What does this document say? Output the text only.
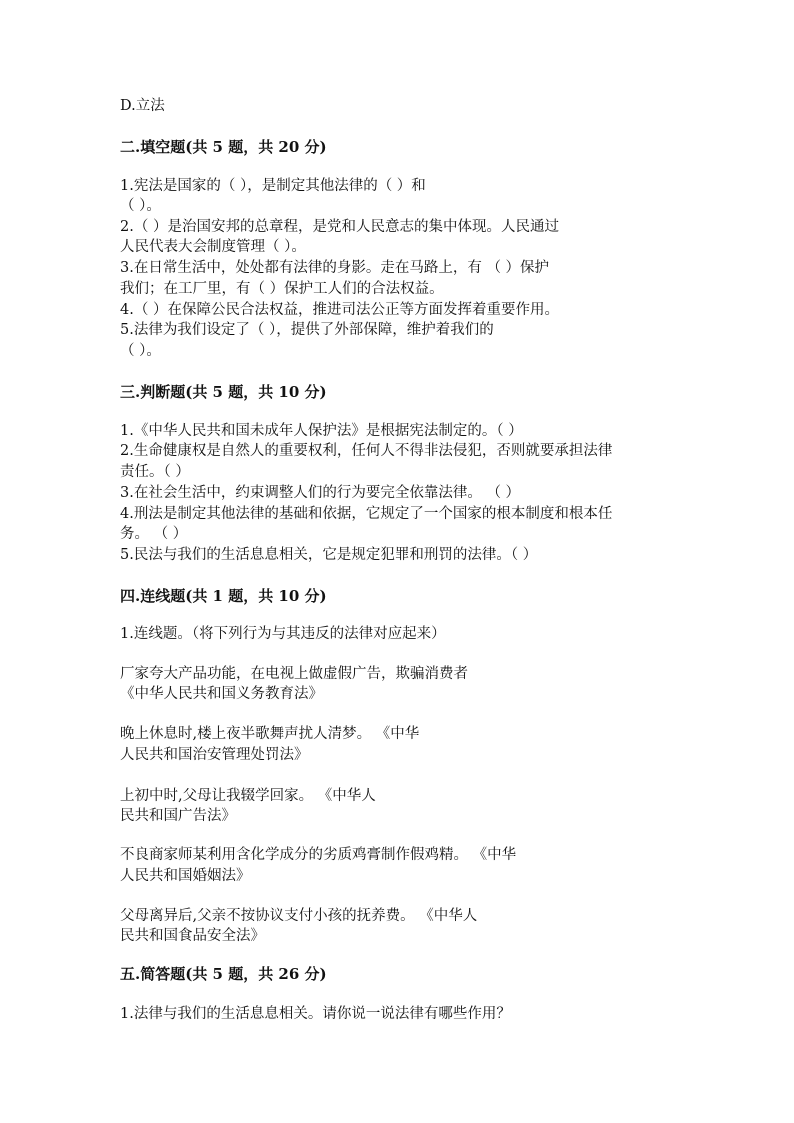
D.立法
二.填空题(共 5 题，共 20 分)
1.宪法是国家的（ ），是制定其他法律的（ ）和
（ ）。
2.（ ）是治国安邦的总章程，是党和人民意志的集中体现。人民通过
人民代表大会制度管理（ ）。
3.在日常生活中，处处都有法律的身影。走在马路上，有 （ ）保护
我们；在工厂里，有（ ）保护工人们的合法权益。
4.（ ）在保障公民合法权益，推进司法公正等方面发挥着重要作用。
5.法律为我们设定了（ ），提供了外部保障，维护着我们的
（ ）。
三.判断题(共 5 题，共 10 分)
1.《中华人民共和国未成年人保护法》是根据宪法制定的。（ ）
2.生命健康权是自然人的重要权利，任何人不得非法侵犯，否则就要承担法律
责任。（ ）
3.在社会生活中，约束调整人们的行为要完全依靠法律。 （ ）
4.刑法是制定其他法律的基础和依据，它规定了一个国家的根本制度和根本任
务。 （ ）
5.民法与我们的生活息息相关，它是规定犯罪和刑罚的法律。（ ）
四.连线题(共 1 题，共 10 分)
1.连线题。（将下列行为与其违反的法律对应起来）
厂家夸大产品功能，在电视上做虚假广告，欺骗消费者
《中华人民共和国义务教育法》
晚上休息时,楼上夜半歌舞声扰人清梦。 《中华
人民共和国治安管理处罚法》
上初中时,父母让我辍学回家。 《中华人
民共和国广告法》
不良商家师某利用含化学成分的劣质鸡膏制作假鸡精。 《中华
人民共和国婚姻法》
父母离异后,父亲不按协议支付小孩的抚养费。 《中华人
民共和国食品安全法》
五.简答题(共 5 题，共 26 分)
1.法律与我们的生活息息相关。请你说一说法律有哪些作用？
